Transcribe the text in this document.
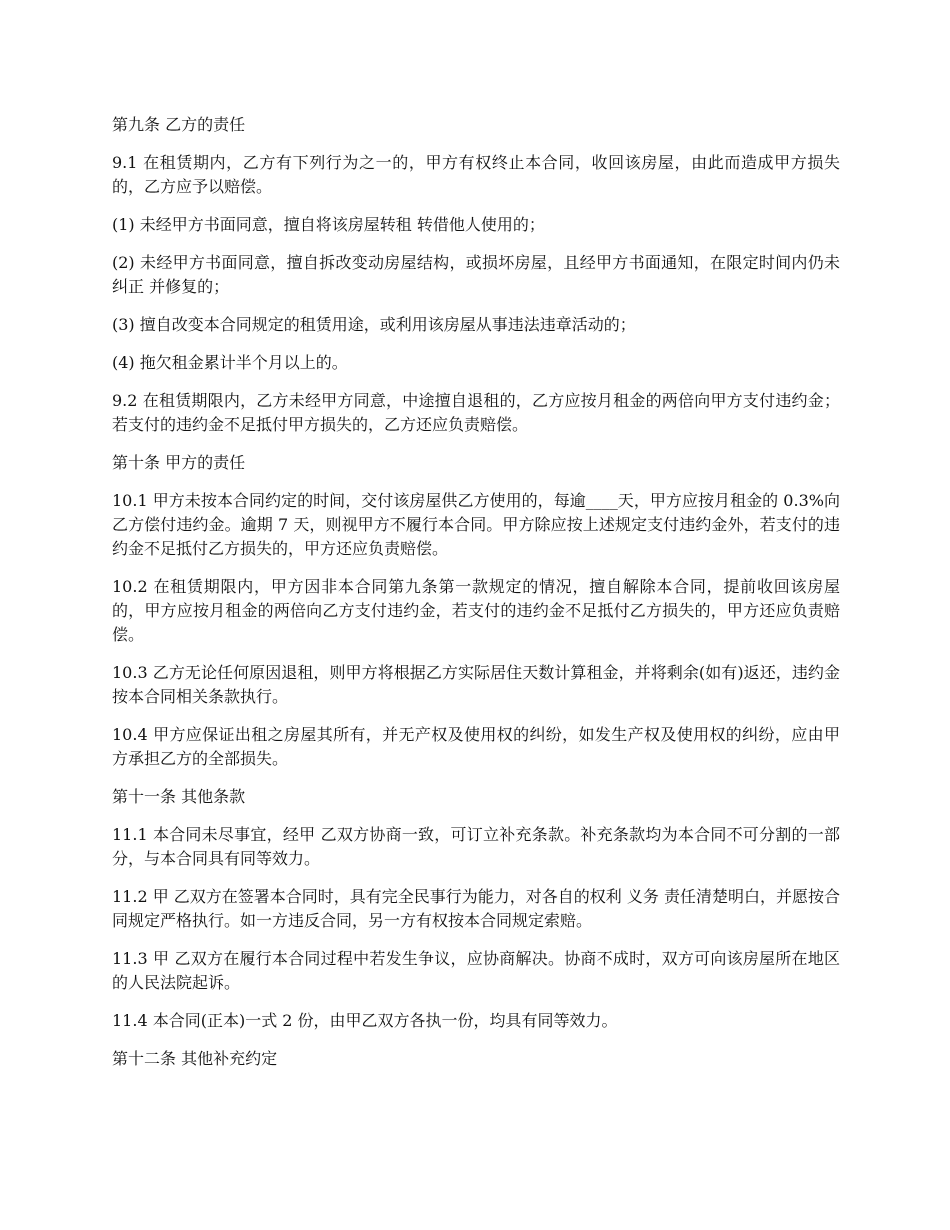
第九条 乙方的责任

9.1 在租赁期内，乙方有下列行为之一的，甲方有权终止本合同，收回该房屋，由此而造成甲方损失的，乙方应予以赔偿。

(1) 未经甲方书面同意，擅自将该房屋转租 转借他人使用的；

(2) 未经甲方书面同意，擅自拆改变动房屋结构，或损坏房屋，且经甲方书面通知，在限定时间内仍未纠正 并修复的；

(3) 擅自改变本合同规定的租赁用途，或利用该房屋从事违法违章活动的；

(4) 拖欠租金累计半个月以上的。

9.2 在租赁期限内，乙方未经甲方同意，中途擅自退租的，乙方应按月租金的两倍向甲方支付违约金；若支付的违约金不足抵付甲方损失的，乙方还应负责赔偿。

第十条 甲方的责任

10.1 甲方未按本合同约定的时间，交付该房屋供乙方使用的，每逾____天，甲方应按月租金的 0.3%向乙方偿付违约金。逾期 7 天，则视甲方不履行本合同。甲方除应按上述规定支付违约金外，若支付的违约金不足抵付乙方损失的，甲方还应负责赔偿。

10.2 在租赁期限内，甲方因非本合同第九条第一款规定的情况，擅自解除本合同，提前收回该房屋的，甲方应按月租金的两倍向乙方支付违约金，若支付的违约金不足抵付乙方损失的，甲方还应负责赔偿。

10.3 乙方无论任何原因退租，则甲方将根据乙方实际居住天数计算租金，并将剩余(如有)返还，违约金按本合同相关条款执行。

10.4 甲方应保证出租之房屋其所有，并无产权及使用权的纠纷，如发生产权及使用权的纠纷，应由甲方承担乙方的全部损失。

第十一条 其他条款

11.1 本合同未尽事宜，经甲 乙双方协商一致，可订立补充条款。补充条款均为本合同不可分割的一部分，与本合同具有同等效力。

11.2 甲 乙双方在签署本合同时，具有完全民事行为能力，对各自的权利 义务 责任清楚明白，并愿按合同规定严格执行。如一方违反合同，另一方有权按本合同规定索赔。

11.3 甲 乙双方在履行本合同过程中若发生争议，应协商解决。协商不成时，双方可向该房屋所在地区的人民法院起诉。

11.4 本合同(正本)一式 2 份，由甲乙双方各执一份，均具有同等效力。

第十二条 其他补充约定
